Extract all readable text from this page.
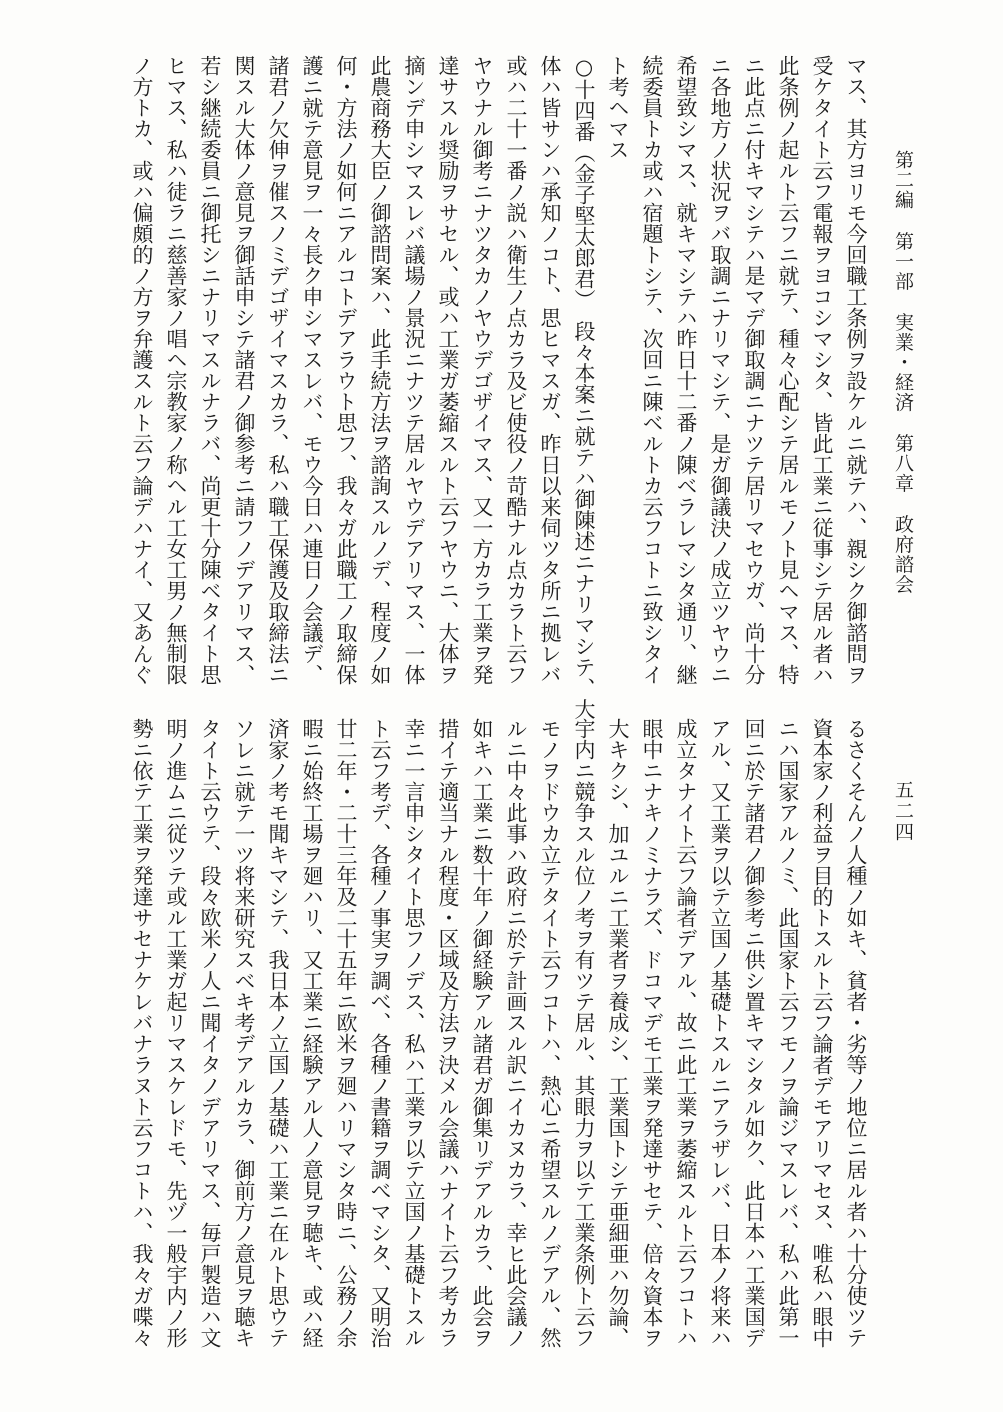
第二編 第一部 実業・経済 第八章 政府諮会
五二四
マス、其方ヨリモ今回職工条例ヲ設ケルニ就テハ、親シク御諮問ヲ
受ケタイト云フ電報ヲヨコシマシタ、皆此工業ニ従事シテ居ル者ハ
此条例ノ起ルト云フニ就テ、種々心配シテ居ルモノト見ヘマス、特
ニ此点ニ付キマシテハ是マデ御取調ニナツテ居リマセウガ、尚十分
ニ各地方ノ状況ヲバ取調ニナリマシテ、是ガ御議決ノ成立ツヤウニ
希望致シマス、就キマシテハ昨日十二番ノ陳ベラレマシタ通リ、継
続委員トカ或ハ宿題トシテ、次回ニ陳ベルトカ云フコトニ致シタイ
ト考ヘマス
○十四番（金子堅太郎君）　段々本案ニ就テハ御陳述ニナリマシテ、大
体ハ皆サンハ承知ノコト、思ヒマスガ、昨日以来伺ツタ所ニ拠レバ
或ハ二十一番ノ説ハ衛生ノ点カラ及ビ使役ノ苛酷ナル点カラト云フ
ヤウナル御考ニナツタカノヤウデゴザイマス、又一方カラ工業ヲ発
達サスル奨励ヲサセル、或ハ工業ガ萎縮スルト云フヤウニ、大体ヲ
摘ンデ申シマスレバ議場ノ景況ニナツテ居ルヤウデアリマス、一体
此農商務大臣ノ御諮問案ハ、此手続方法ヲ諮詢スルノデ、程度ノ如
何・方法ノ如何ニアルコトデアラウト思フ、我々ガ此職工ノ取締保
護ニ就テ意見ヲ一々長ク申シマスレバ、モウ今日ハ連日ノ会議デ、
諸君ノ欠伸ヲ催スノミデゴザイマスカラ、私ハ職工保護及取締法ニ
関スル大体ノ意見ヲ御話申シテ諸君ノ御参考ニ請フノデアリマス、
若シ継続委員ニ御托シニナリマスルナラバ、尚更十分陳ベタイト思
ヒマス、私ハ徒ラニ慈善家ノ唱ヘ宗教家ノ称ヘル工女工男ノ無制限
ノ方トカ、或ハ偏頗的ノ方ヲ弁護スルト云フ論デハナイ、又あんぐ
るさくそんノ人種ノ如キ、貧者・劣等ノ地位ニ居ル者ハ十分使ツテ
資本家ノ利益ヲ目的トスルト云フ論者デモアリマセヌ、唯私ハ眼中
ニハ国家アルノミ、此国家ト云フモノヲ論ジマスレバ、私ハ此第一
回ニ於テ諸君ノ御参考ニ供シ置キマシタル如ク、此日本ハ工業国デ
アル、又工業ヲ以テ立国ノ基礎トスルニアラザレバ、日本ノ将来ハ
成立タナイト云フ論者デアル、故ニ此工業ヲ萎縮スルト云フコトハ
眼中ニナキノミナラズ、ドコマデモ工業ヲ発達サセテ、倍々資本ヲ
大キクシ、加ユルニ工業者ヲ養成シ、工業国トシテ亜細亜ハ勿論、
宇内ニ競争スル位ノ考ヲ有ツテ居ル、其眼力ヲ以テ工業条例ト云フ
モノヲドウカ立テタイト云フコトハ、熱心ニ希望スルノデアル、然
ルニ中々此事ハ政府ニ於テ計画スル訳ニイカヌカラ、幸ヒ此会議ノ
如キハ工業ニ数十年ノ御経験アル諸君ガ御集リデアルカラ、此会ヲ
措イテ適当ナル程度・区域及方法ヲ決メル会議ハナイト云フ考カラ
幸ニ一言申シタイト思フノデス、私ハ工業ヲ以テ立国ノ基礎トスル
ト云フ考デ、各種ノ事実ヲ調べ、各種ノ書籍ヲ調べマシタ、又明治
廿二年・二十三年及二十五年ニ欧米ヲ廻ハリマシタ時ニ、公務ノ余
暇ニ始終工場ヲ廻ハリ、又工業ニ経験アル人ノ意見ヲ聴キ、或ハ経
済家ノ考モ聞キマシテ、我日本ノ立国ノ基礎ハ工業ニ在ルト思ウテ
ソレニ就テ一ツ将来研究スベキ考デアルカラ、御前方ノ意見ヲ聴キ
タイト云ウテ、段々欧米ノ人ニ聞イタノデアリマス、毎戸製造ハ文
明ノ進ムニ従ツテ或ル工業ガ起リマスケレドモ、先ヅ一般宇内ノ形
勢ニ依テ工業ヲ発達サセナケレバナラヌト云フコトハ、我々ガ喋々
